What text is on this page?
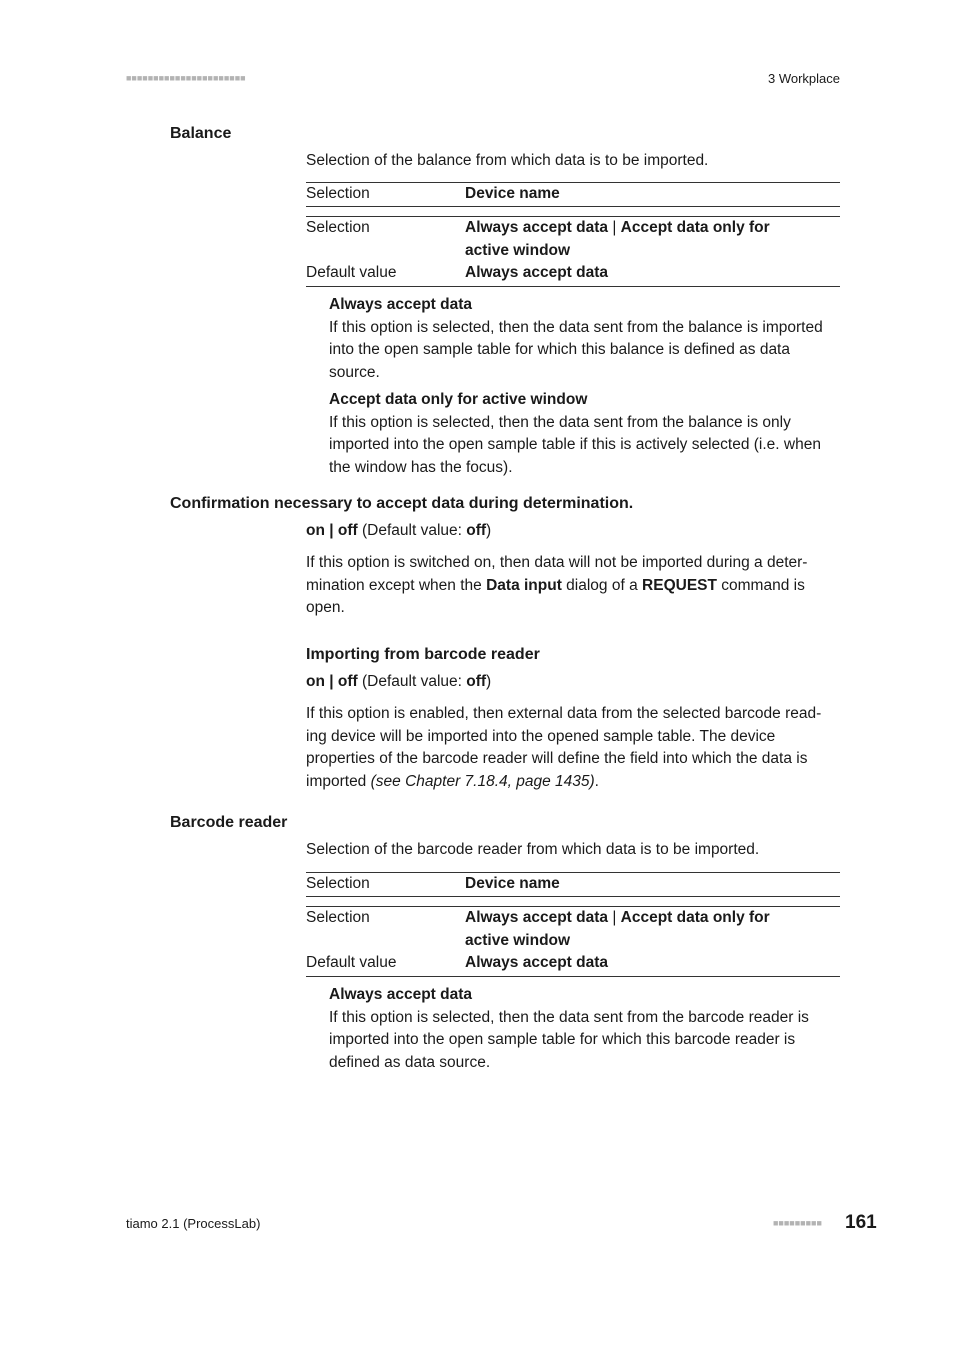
■■■■■■■■■■■■■■■■■■■■■■	3 Workplace
Balance
Selection of the balance from which data is to be imported.
Selection	Device name
Selection	Always accept data | Accept data only for
active window
Default value	Always accept data
Always accept data
If this option is selected, then the data sent from the balance is imported
into the open sample table for which this balance is defined as data
source.
Accept data only for active window
If this option is selected, then the data sent from the balance is only
imported into the open sample table if this is actively selected (i.e. when
the window has the focus).
Confirmation necessary to accept data during determination.
on | off (Default value: off)
If this option is switched on, then data will not be imported during a deter-
mination except when the Data input dialog of a REQUEST command is
open.
Importing from barcode reader
on | off (Default value: off)
If this option is enabled, then external data from the selected barcode read-
ing device will be imported into the opened sample table. The device
properties of the barcode reader will define the field into which the data is
imported (see Chapter 7.18.4, page 1435).
Barcode reader
Selection of the barcode reader from which data is to be imported.
Selection	Device name
Selection	Always accept data | Accept data only for
active window
Default value	Always accept data
Always accept data
If this option is selected, then the data sent from the barcode reader is
imported into the open sample table for which this barcode reader is
defined as data source.
tiamo 2.1 (ProcessLab)	■■■■■■■■■ 161
